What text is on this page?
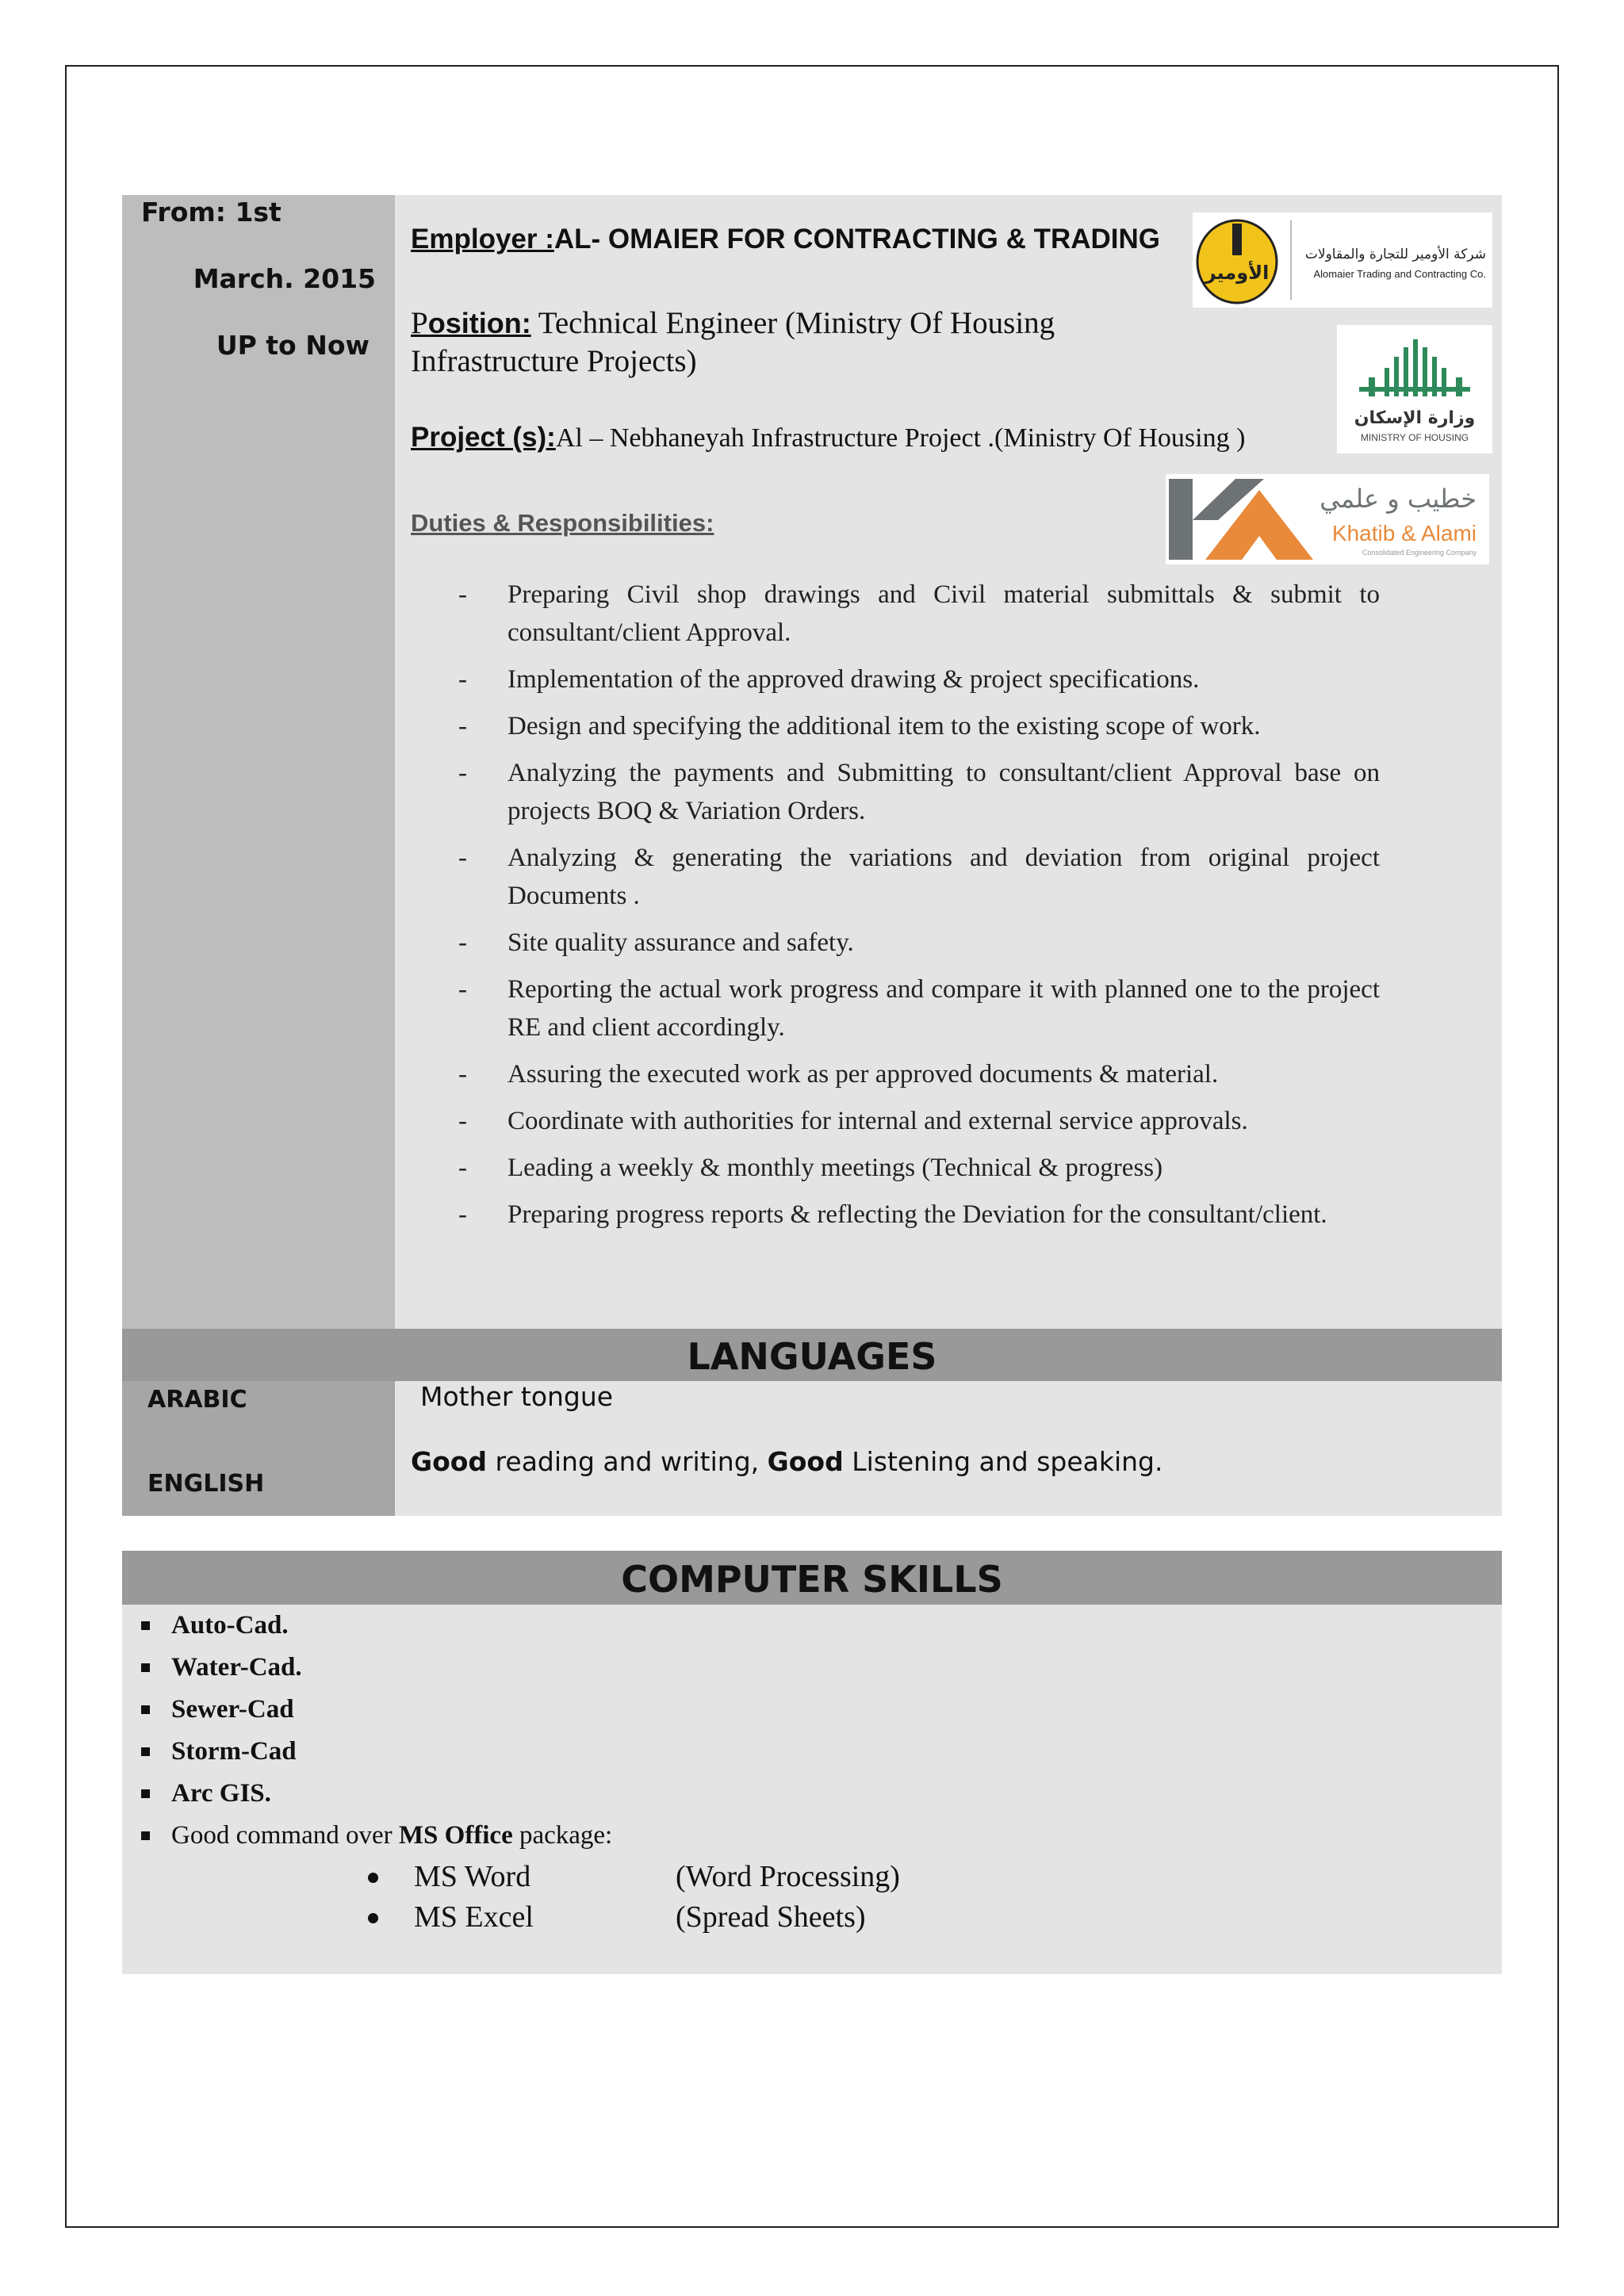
From: 1st
March. 2015
UP to Now
Employer :AL- OMAIER FOR CONTRACTING & TRADING
Position: Technical Engineer (Ministry Of Housing Infrastructure Projects)
Project (s):Al – Nebhaneyah Infrastructure Project .(Ministry Of Housing )
Duties & Responsibilities:
- Preparing Civil shop drawings and Civil material submittals & submit to consultant/client Approval.
- Implementation of the approved drawing & project specifications.
- Design and specifying the additional item to the existing scope of work.
- Analyzing the payments and Submitting to consultant/client Approval base on projects BOQ & Variation Orders.
- Analyzing & generating the variations and deviation from original project Documents .
- Site quality assurance and safety.
- Reporting the actual work progress and compare it with planned one to the project RE and client accordingly.
- Assuring the executed work as per approved documents & material.
- Coordinate with authorities for internal and external service approvals.
- Leading a weekly & monthly meetings (Technical & progress)
- Preparing progress reports & reflecting the Deviation for the consultant/client.
الأومير
شركة الأومير للتجارة والمقاولات
Alomaier Trading and Contracting Co.
وزارة الإسكان
MINISTRY OF HOUSING
خطيب و علمي
Khatib & Alami
Consolidated Engineering Company
LANGUAGES
ARABIC
ENGLISH
Mother tongue
Good reading and writing, Good Listening and speaking.
COMPUTER SKILLS
Auto-Cad.
Water-Cad.
Sewer-Cad
Storm-Cad
Arc GIS.
Good command over MS Office package:
MS Word	(Word Processing)
MS Excel	(Spread Sheets)
